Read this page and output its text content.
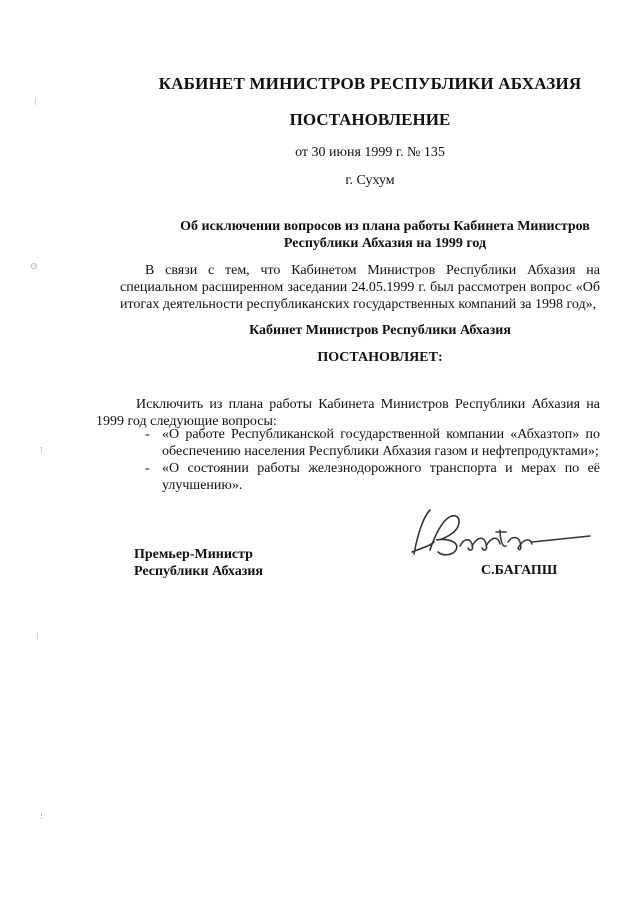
⁝
⊙
⁝
⁝
⁝

КАБИНЕТ МИНИСТРОВ РЕСПУБЛИКИ АБХАЗИЯ

ПОСТАНОВЛЕНИЕ

от 30 июня 1999 г. № 135

г. Сухум

Об исключении вопросов из плана работы Кабинета Министров
Республики Абхазия на 1999 год

В связи с тем, что Кабинетом Министров Республики Абхазия на специальном расширенном заседании 24.05.1999 г. был рассмотрен вопрос «Об итогах деятельности республиканских государственных компаний за 1998 год»,

Кабинет Министров Республики Абхазия

ПОСТАНОВЛЯЕТ:

Исключить из плана работы Кабинета Министров Республики Абхазия на 1999 год следующие вопросы:

- «О работе Республиканской государственной компании «Абхазтоп» по обеспечению населения Республики Абхазия газом и нефтепродуктами»;
- «О состоянии работы железнодорожного транспорта и мерах по её улучшению».
Премьер-Министр
Республики Абхазия	С.БАГАПШ
